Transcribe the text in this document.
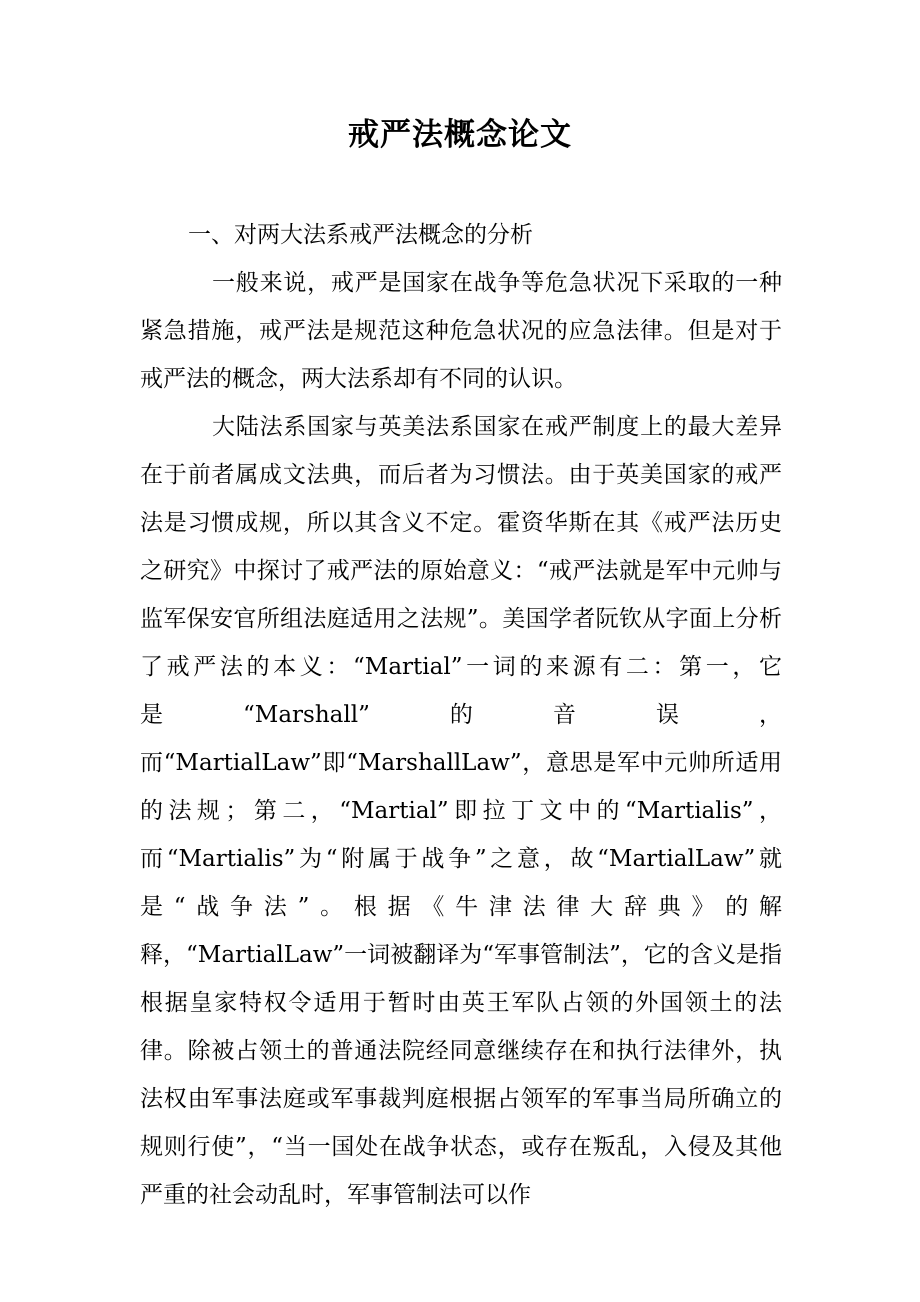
戒严法概念论文

一、对两大法系戒严法概念的分析

一般来说，戒严是国家在战争等危急状况下采取的一种紧急措施，戒严法是规范这种危急状况的应急法律。但是对于戒严法的概念，两大法系却有不同的认识。

大陆法系国家与英美法系国家在戒严制度上的最大差异在于前者属成文法典，而后者为习惯法。由于英美国家的戒严法是习惯成规，所以其含义不定。霍资华斯在其《戒严法历史之研究》中探讨了戒严法的原始意义：“戒严法就是军中元帅与监军保安官所组法庭适用之法规”。美国学者阮钦从字面上分析了戒严法的本义：“Martial”一词的来源有二：第一，它是“Marshall”的音误，而“MartialLaw”即“MarshallLaw”，意思是军中元帅所适用的法规；第二，“Martial”即拉丁文中的“Martialis”，而“Martialis”为“附属于战争”之意，故“MartialLaw”就是“战争法”。根据《牛津法律大辞典》的解释，“MartialLaw”一词被翻译为“军事管制法”，它的含义是指根据皇家特权令适用于暂时由英王军队占领的外国领土的法律。除被占领土的普通法院经同意继续存在和执行法律外，执法权由军事法庭或军事裁判庭根据占领军的军事当局所确立的规则行使”，“当一国处在战争状态，或存在叛乱，入侵及其他严重的社会动乱时，军事管制法可以作
